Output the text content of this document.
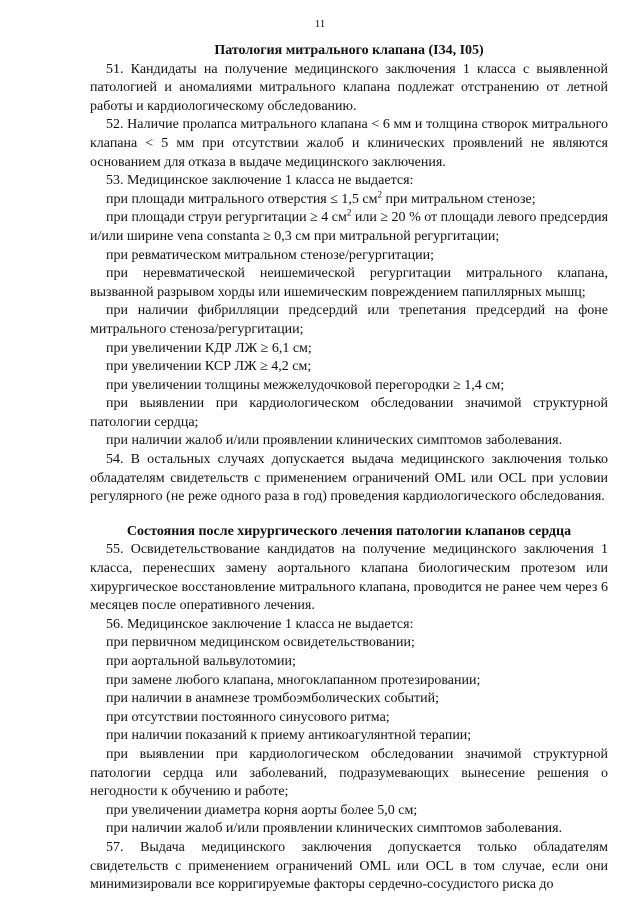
11
Патология митрального клапана (I34, I05)

51. Кандидаты на получение медицинского заключения 1 класса с выявленной патологией и аномалиями митрального клапана подлежат отстранению от летной работы и кардиологическому обследованию.

52. Наличие пролапса митрального клапана < 6 мм и толщина створок митрального клапана < 5 мм при отсутствии жалоб и клинических проявлений не являются основанием для отказа в выдаче медицинского заключения.

53. Медицинское заключение 1 класса не выдается:

при площади митрального отверстия ≤ 1,5 $см^2$ при митральном стенозе;

при площади струи регургитации ≥ 4 $см^2$ или ≥ 20 % от площади левого предсердия и/или ширине vena constanta ≥ 0,3 см при митральной регургитации;

при ревматическом митральном стенозе/регургитации;

при неревматической неишемической регургитации митрального клапана, вызванной разрывом хорды или ишемическим повреждением папиллярных мышц;

при наличии фибрилляции предсердий или трепетания предсердий на фоне митрального стеноза/регургитации;

при увеличении КДР ЛЖ ≥ 6,1 см;

при увеличении КСР ЛЖ ≥ 4,2 см;

при увеличении толщины межжелудочковой перегородки ≥ 1,4 см;

при выявлении при кардиологическом обследовании значимой структурной патологии сердца;

при наличии жалоб и/или проявлении клинических симптомов заболевания.

54. В остальных случаях допускается выдача медицинского заключения только обладателям свидетельств с применением ограничений OML или OCL при условии регулярного (не реже одного раза в год) проведения кардиологического обследования.

Состояния после хирургического лечения патологии клапанов сердца

55. Освидетельствование кандидатов на получение медицинского заключения 1 класса, перенесших замену аортального клапана биологическим протезом или хирургическое восстановление митрального клапана, проводится не ранее чем через 6 месяцев после оперативного лечения.

56. Медицинское заключение 1 класса не выдается:

при первичном медицинском освидетельствовании;

при аортальной вальвулотомии;

при замене любого клапана, многоклапанном протезировании;

при наличии в анамнезе тромбоэмболических событий;

при отсутствии постоянного синусового ритма;

при наличии показаний к приему антикоагулянтной терапии;

при выявлении при кардиологическом обследовании значимой структурной патологии сердца или заболеваний, подразумевающих вынесение решения о негодности к обучению и работе;

при увеличении диаметра корня аорты более 5,0 см;

при наличии жалоб и/или проявлении клинических симптомов заболевания.

57. Выдача медицинского заключения допускается только обладателям свидетельств с применением ограничений OML или OCL в том случае, если они минимизировали все корригируемые факторы сердечно-сосудистого риска до
